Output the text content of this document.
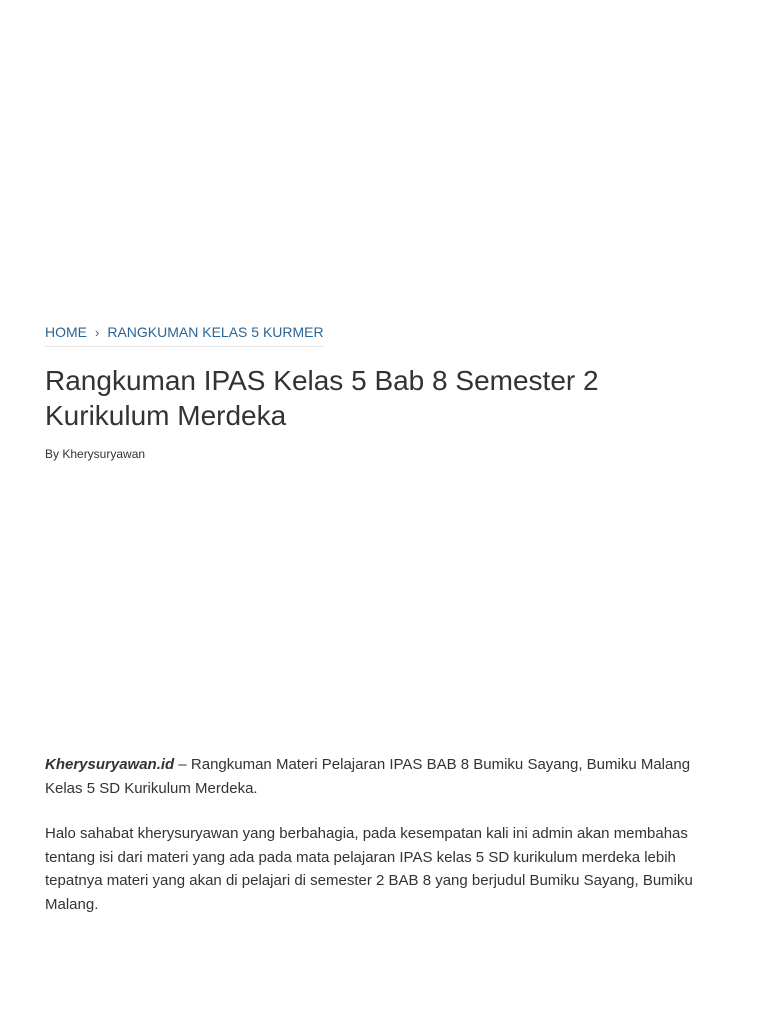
HOME › RANGKUMAN KELAS 5 KURMER
Rangkuman IPAS Kelas 5 Bab 8 Semester 2 Kurikulum Merdeka
By Kherysuryawan

Kherysuryawan.id – Rangkuman Materi Pelajaran IPAS BAB 8 Bumiku Sayang, Bumiku Malang Kelas 5 SD Kurikulum Merdeka.

Halo sahabat kherysuryawan yang berbahagia, pada kesempatan kali ini admin akan membahas tentang isi dari materi yang ada pada mata pelajaran IPAS kelas 5 SD kurikulum merdeka lebih tepatnya materi yang akan di pelajari di semester 2 BAB 8 yang berjudul Bumiku Sayang, Bumiku Malang.
